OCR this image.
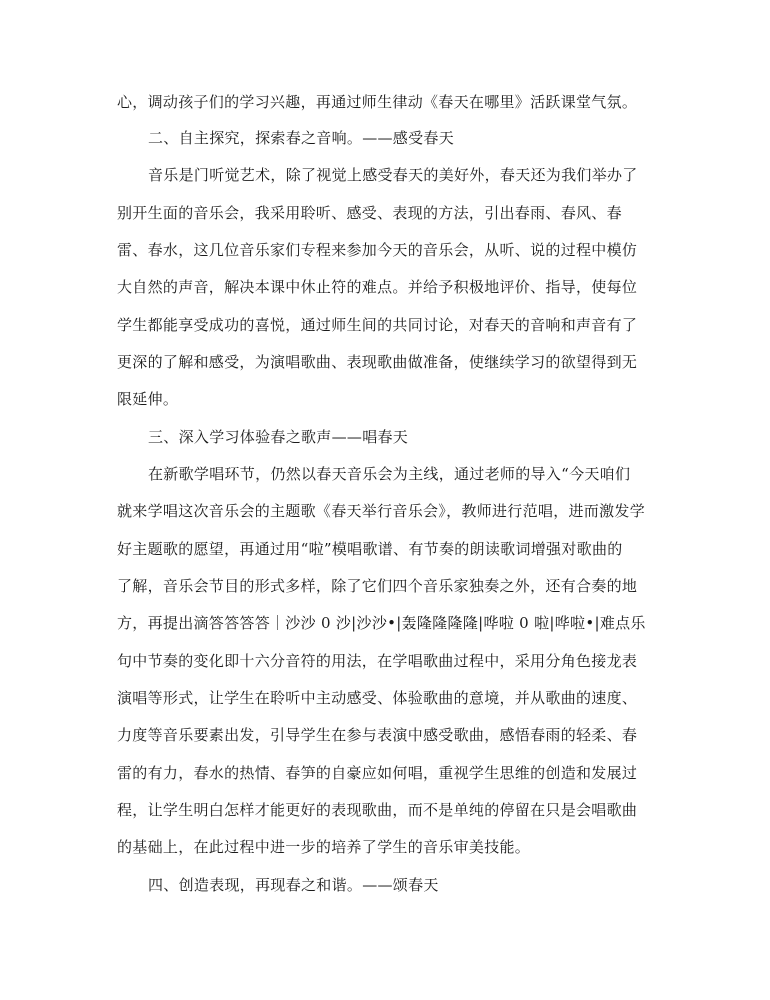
心，调动孩子们的学习兴趣，再通过师生律动《春天在哪里》活跃课堂气氛。
二、自主探究，探索春之音响。——感受春天
音乐是门听觉艺术，除了视觉上感受春天的美好外，春天还为我们举办了
别开生面的音乐会，我采用聆听、感受、表现的方法，引出春雨、春风、春
雷、春水，这几位音乐家们专程来参加今天的音乐会，从听、说的过程中模仿
大自然的声音，解决本课中休止符的难点。并给予积极地评价、指导，使每位
学生都能享受成功的喜悦，通过师生间的共同讨论，对春天的音响和声音有了
更深的了解和感受，为演唱歌曲、表现歌曲做准备，使继续学习的欲望得到无
限延伸。
三、深入学习体验春之歌声——唱春天
在新歌学唱环节，仍然以春天音乐会为主线，通过老师的导入“今天咱们
就来学唱这次音乐会的主题歌《春天举行音乐会》，教师进行范唱，进而激发学
好主题歌的愿望，再通过用“啦”模唱歌谱、有节奏的朗读歌词增强对歌曲的
了解，音乐会节目的形式多样，除了它们四个音乐家独奏之外，还有合奏的地
方，再提出滴答答答答｜沙沙 0 沙|沙沙•|轰隆隆隆隆|哗啦 0 啦|哗啦•|难点乐
句中节奏的变化即十六分音符的用法，在学唱歌曲过程中，采用分角色接龙表
演唱等形式，让学生在聆听中主动感受、体验歌曲的意境，并从歌曲的速度、
力度等音乐要素出发，引导学生在参与表演中感受歌曲，感悟春雨的轻柔、春
雷的有力，春水的热情、春笋的自豪应如何唱，重视学生思维的创造和发展过
程，让学生明白怎样才能更好的表现歌曲，而不是单纯的停留在只是会唱歌曲
的基础上，在此过程中进一步的培养了学生的音乐审美技能。
四、创造表现，再现春之和谐。——颂春天
